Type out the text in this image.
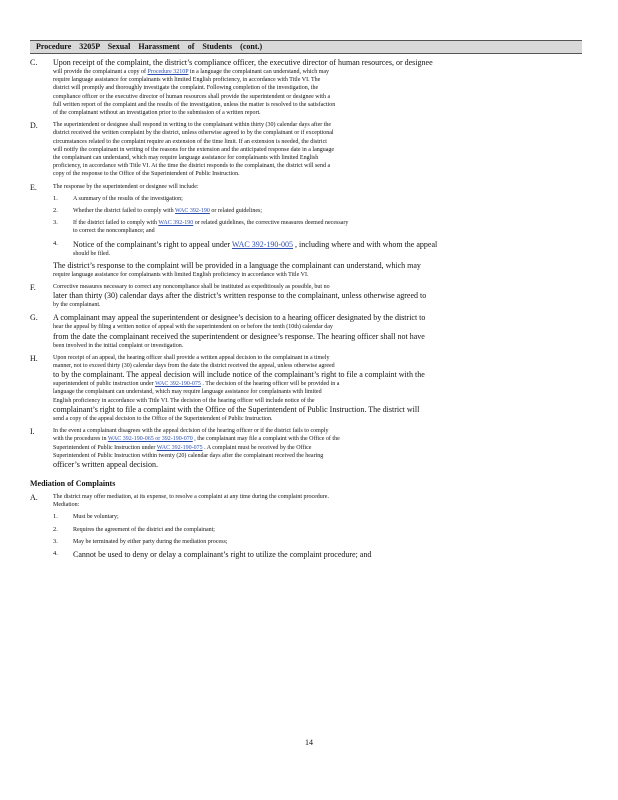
Procedure 3205P Sexual Harassment of Students (cont.)
C. Upon receipt of the complaint, the district’s compliance officer, the executive director of human resources, or designee
will provide the complainant a copy of Procedure 3210P in a language the complainant can understand, which may
require language assistance for complainants with limited English proficiency, in accordance with Title VI. The
district will promptly and thoroughly investigate the complaint. Following completion of the investigation, the
compliance officer or the executive director of human resources shall provide the superintendent or designee with a
full written report of the complaint and the results of the investigation, unless the matter is resolved to the satisfaction
of the complainant without an investigation prior to the submission of a written report.
D.	The superintendent or designee shall respond in writing to the complainant within thirty (30) calendar days after the
district received the written complaint by the district, unless otherwise agreed to by the complainant or if exceptional
circumstances related to the complaint require an extension of the time limit. If an extension is needed, the district
will notify the complainant in writing of the reasons for the extension and the anticipated response date in a language
the complainant can understand, which may require language assistance for complainants with limited English
proficiency, in accordance with Title VI. At the time the district responds to the complainant, the district will send a
copy of the response to the Office of the Superintendent of Public Instruction.
E.	The response by the superintendent or designee will include:
1.	A summary of the results of the investigation;
2.	Whether the district failed to comply with WAC 392-190 or related guidelines;
3.	If the district failed to comply with WAC 392-190 or related guidelines, the corrective measures deemed necessary
to correct the noncompliance; and
4. Notice of the complainant’s right to appeal under WAC 392-190-005 , including where and with whom the appeal
should be filed.
The district’s response to the complaint will be provided in a language the complainant can understand, which may
require language assistance for complainants with limited English proficiency in accordance with Title VI.
F.	Corrective measures necessary to correct any noncompliance shall be instituted as expeditiously as possible, but no
later than thirty (30) calendar days after the district’s written response to the complainant, unless otherwise agreed to
by the complainant.
G. A complainant may appeal the superintendent or designee’s decision to a hearing officer designated by the district to
hear the appeal by filing a written notice of appeal with the superintendent on or before the tenth (10th) calendar day
from the date the complainant received the superintendent or designee’s response. The hearing officer shall not have
been involved in the initial complaint or investigation.
H.	Upon receipt of an appeal, the hearing officer shall provide a written appeal decision to the complainant in a timely
manner, not to exceed thirty (30) calendar days from the date the district received the appeal, unless otherwise agreed
to by the complainant. The appeal decision will include notice of the complainant’s right to file a complaint with the
superintendent of public instruction under WAC 392-190-075 . The decision of the hearing officer will be provided in a
language the complainant can understand, which may require language assistance for complainants with limited
English proficiency in accordance with Title VI. The decision of the hearing officer will include notice of the
complainant’s right to file a complaint with the Office of the Superintendent of Public Instruction. The district will
send a copy of the appeal decision to the Office of the Superintendent of Public Instruction.
I.	In the event a complainant disagrees with the appeal decision of the hearing officer or if the district fails to comply
with the procedures in WAC 392-190-065 or 392-190-070 , the complainant may file a complaint with the Office of the
Superintendent of Public Instruction under WAC 392-190-075 . A complaint must be received by the Office
Superintendent of Public Instruction within twenty (20) calendar days after the complainant received the hearing
officer’s written appeal decision.
Mediation of Complaints
A.	The district may offer mediation, at its expense, to resolve a complaint at any time during the complaint procedure.
Mediation:
1.	Must be voluntary;
2.	Requires the agreement of the district and the complainant;
3.	May be terminated by either party during the mediation process;
4. Cannot be used to deny or delay a complainant’s right to utilize the complaint procedure; and
14
